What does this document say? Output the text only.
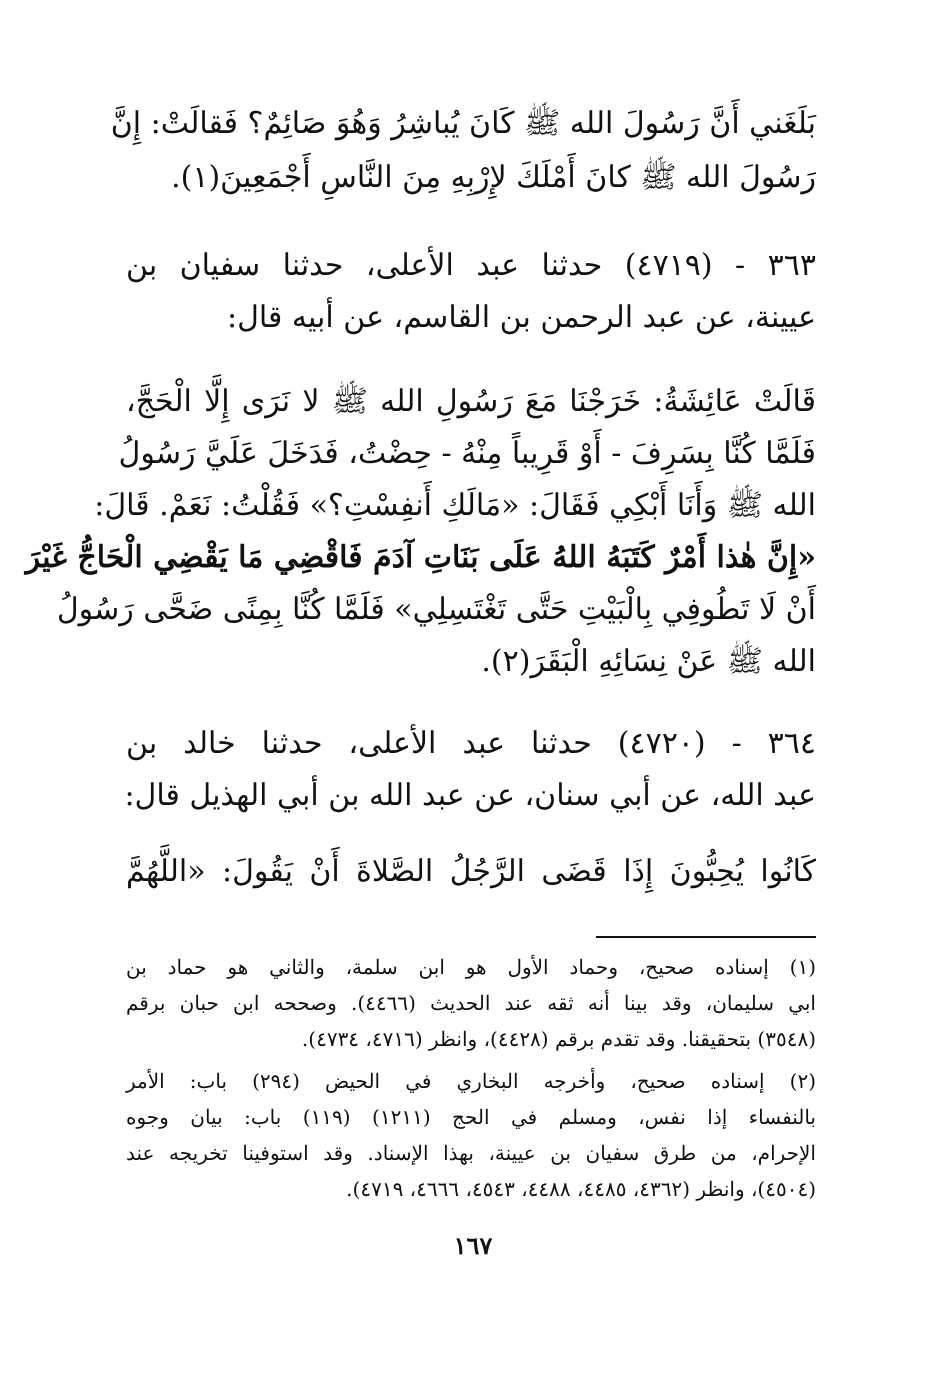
بَلَغَني أَنَّ رَسُولَ الله ﷺ كَانَ يُباشِرُ وَهُوَ صَائِمٌ؟ فَقالَتْ: إِنَّ
رَسُولَ الله ﷺ كانَ أَمْلَكَ لإِرْبِهِ مِنَ النَّاسِ أَجْمَعِينَ(١).
٣٦٣ - (٤٧١٩) حدثنا عبد الأعلى، حدثنا سفيان بن
عيينة، عن عبد الرحمن بن القاسم، عن أبيه قال:
قَالَتْ عَائِشَةُ: خَرَجْنَا مَعَ رَسُولِ الله ﷺ لا نَرَى إِلَّا الْحَجَّ،
فَلَمَّا كُنَّا بِسَرِفَ - أَوْ قَرِيباً مِنْهُ - حِضْتُ، فَدَخَلَ عَلَيَّ رَسُولُ
الله ﷺ وَأَنَا أَبْكِي فَقَالَ: «مَالَكِ أَنفِسْتِ؟» فَقُلْتُ: نَعَمْ. قَالَ:
«إِنَّ هٰذا أَمْرٌ كَتَبَهُ اللهُ عَلَى بَنَاتِ آدَمَ فَاقْضِي مَا يَقْضِي الْحَاجُّ غَيْرَ
أَنْ لَا تَطُوفِي بِالْبَيْتِ حَتَّى تَغْتَسِلِي» فَلَمَّا كُنَّا بِمِنًى ضَحَّى رَسُولُ
الله ﷺ عَنْ نِسَائِهِ الْبَقَرَ(٢).
٣٦٤ - (٤٧٢٠) حدثنا عبد الأعلى، حدثنا خالد بن
عبد الله، عن أبي سنان، عن عبد الله بن أبي الهذيل قال:
كَانُوا يُحِبُّونَ إِذَا قَضَى الرَّجُلُ الصَّلاةَ أَنْ يَقُولَ: «اللَّهُمَّ
(١) إسناده صحيح، وحماد الأول هو ابن سلمة، والثاني هو حماد بن
ابي سليمان، وقد بينا أنه ثقه عند الحديث (٤٤٦٦). وصححه ابن حبان برقم
(٣٥٤٨) بتحقيقنا. وقد تقدم برقم (٤٤٢٨)، وانظر (٤٧١٦، ٤٧٣٤).
(٢) إسناده صحيح، وأخرجه البخاري في الحيض (٢٩٤) باب: الأمر
بالنفساء إذا نفس، ومسلم في الحج (١٢١١) (١١٩) باب: بيان وجوه
الإحرام، من طرق سفيان بن عيينة، بهذا الإسناد. وقد استوفينا تخريجه عند
(٤٥٠٤)، وانظر (٤٣٦٢، ٤٤٨٥، ٤٤٨٨، ٤٥٤٣، ٤٦٦٦، ٤٧١٩).
١٦٧
